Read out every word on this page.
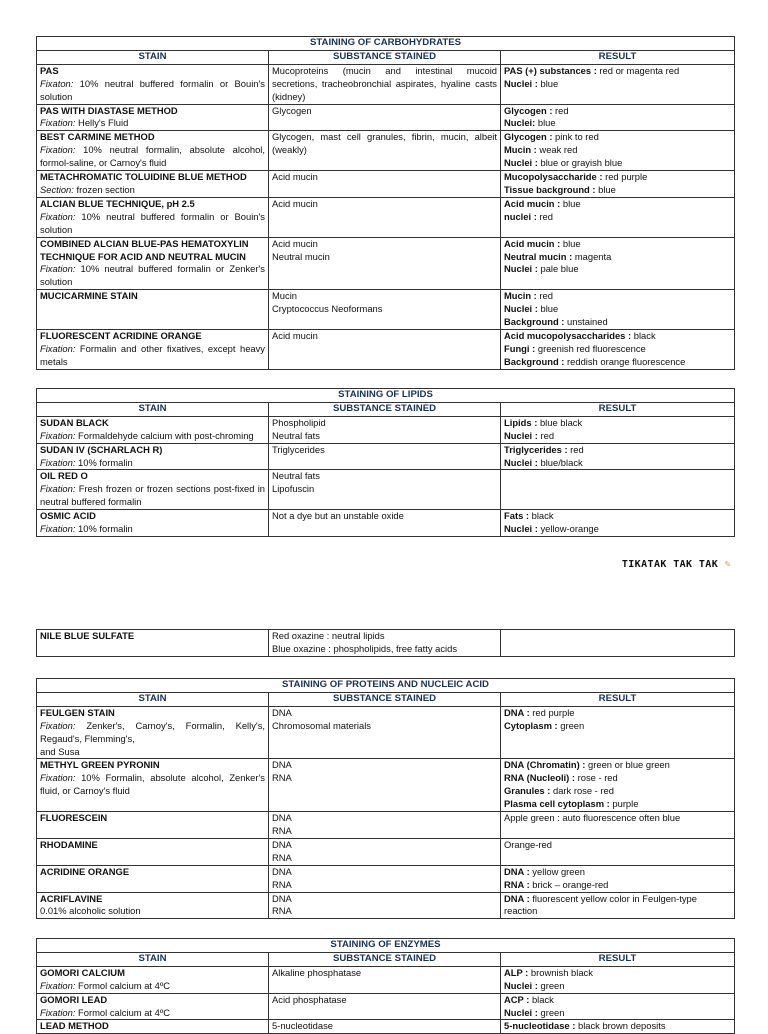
STAINING OF CARBOHYDRATES		
STAIN	SUBSTANCE STAINED	RESULT

PAS
Fixaton: 10% neutral buffered formalin or Bouin's solution	Mucoproteins (mucin and intestinal mucoid secretions, tracheobronchial aspirates, hyaline casts (kidney)	PAS (+) substances : red or magenta red
Nuclei : blue

PAS WITH DIASTASE METHOD
Fixation: Helly's Fluid	Glycogen	Glycogen : red
Nuclei: blue

BEST CARMINE METHOD
Fixation: 10% neutral formalin, absolute alcohol, formol-saline, or Carnoy's fluid	Glycogen, mast cell granules, fibrin, mucin, albeit (weakly)	Glycogen : pink to red
Mucin : weak red
Nuclei : blue or grayish blue

METACHROMATIC TOLUIDINE BLUE METHOD
Section: frozen section	Acid mucin	Mucopolysaccharide : red purple
Tissue background : blue

ALCIAN BLUE TECHNIQUE, pH 2.5
Fixation: 10% neutral buffered formalin or Bouin's solution	Acid mucin	Acid mucin : blue
nuclei : red

COMBINED ALCIAN BLUE-PAS HEMATOXYLIN TECHNIQUE FOR ACID AND NEUTRAL MUCIN
Fixation: 10% neutral buffered formalin or Zenker's solution	Acid mucin
Neutral mucin	Acid mucin : blue
Neutral mucin : magenta
Nuclei : pale blue

MUCICARMINE STAIN	Mucin
Cryptococcus Neoformans	Mucin : red
Nuclei : blue
Background : unstained

FLUORESCENT ACRIDINE ORANGE
Fixation: Formalin and other fixatives, except heavy metals	Acid mucin	Acid mucopolysaccharides : black
Fungi : greenish red fluorescence
Background : reddish orange fluorescence
STAINING OF LIPIDS		
STAIN	SUBSTANCE STAINED	RESULT

SUDAN BLACK
Fixation: Formaldehyde calcium with post-chroming	Phospholipid
Neutral fats	Lipids : blue black
Nuclei : red

SUDAN IV (SCHARLACH R)
Fixation: 10% formalin	Triglycerides	Triglycerides : red
Nuclei : blue/black

OIL RED O
Fixation: Fresh frozen or frozen sections post-fixed in neutral buffered formalin	Neutral fats
Lipofuscin	

OSMIC ACID
Fixation: 10% formalin	Not a dye but an unstable oxide	Fats : black
Nuclei : yellow-orange
TIKATAK TAK TAK ✎
NILE BLUE SULFATE	Red oxazine : neutral lipids
Blue oxazine : phospholipids, free fatty acids

STAINING OF PROTEINS AND NUCLEIC ACID		
STAIN	SUBSTANCE STAINED	RESULT

FEULGEN STAIN
Fixation: Zenker's, Carnoy's, Formalin, Kelly's, Regaud's, Flemming's,
and Susa	DNA
Chromosomal materials	DNA : red purple
Cytoplasm : green

METHYL GREEN PYRONIN
Fixation: 10% Formalin, absolute alcohol, Zenker's fluid, or Carnoy's fluid	DNA
RNA	DNA (Chromatin) : green or blue green
RNA (Nucleoli) : rose - red
Granules : dark rose - red
Plasma cell cytoplasm : purple

FLUORESCEIN	DNA
RNA	Apple green : auto fluorescence often blue

RHODAMINE	DNA
RNA	Orange-red

ACRIDINE ORANGE	DNA
RNA	DNA : yellow green
RNA : brick – orange-red

ACRIFLAVINE
0.01% alcoholic solution	DNA
RNA	DNA : fluorescent yellow color in Feulgen-type reaction
STAINING OF ENZYMES		
STAIN	SUBSTANCE STAINED	RESULT

GOMORI CALCIUM
Fixation: Formol calcium at 4ºC	Alkaline phosphatase	ALP : brownish black
Nuclei : green

GOMORI LEAD
Fixation: Formol calcium at 4ºC	Acid phosphatase	ACP : black
Nuclei : green

LEAD METHOD	5-nucleotidase	5-nucleotidase : black brown deposits
